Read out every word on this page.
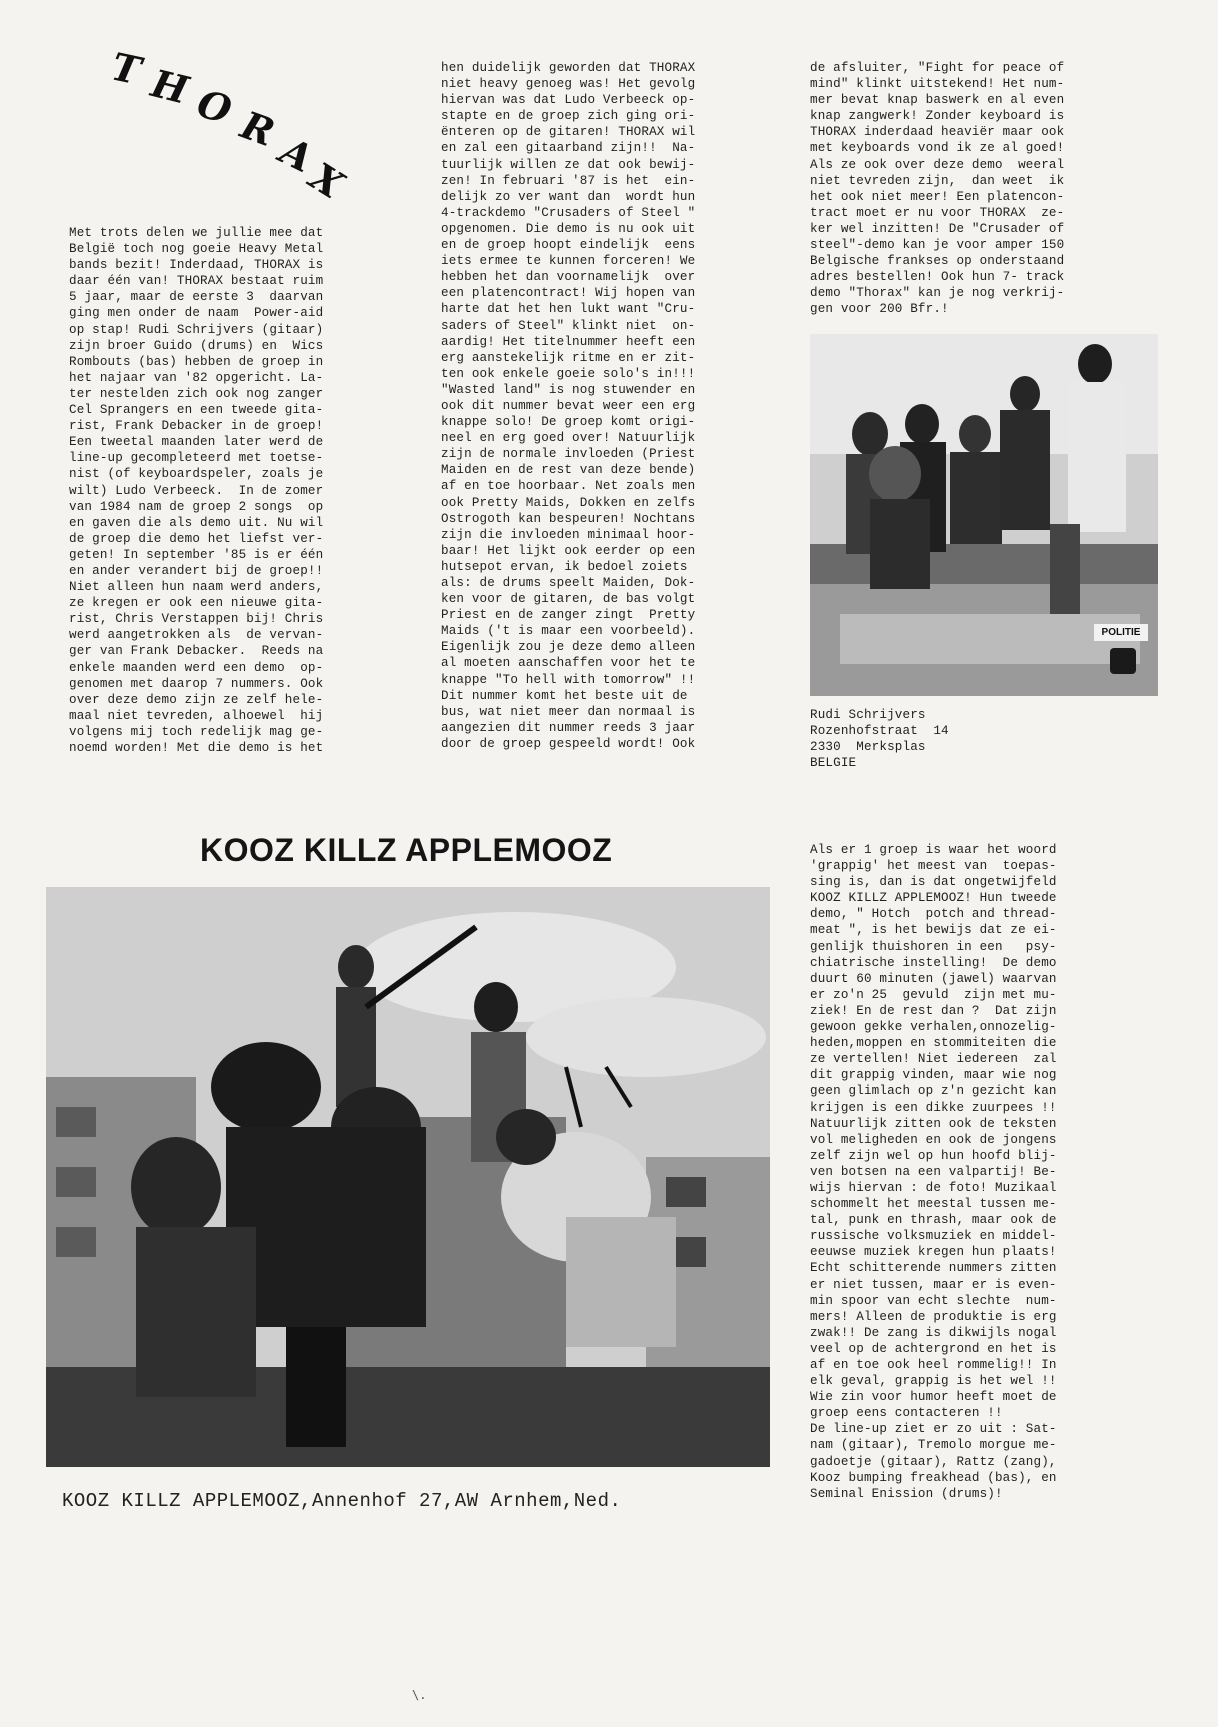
T H O
R
A
X
Met trots delen we jullie mee dat
België toch nog goeie Heavy Metal
bands bezit! Inderdaad, THORAX is
daar één van! THORAX bestaat ruim
5 jaar, maar de eerste 3  daarvan
ging men onder de naam  Power-aid
op stap! Rudi Schrijvers (gitaar)
zijn broer Guido (drums) en  Wics
Rombouts (bas) hebben de groep in
het najaar van '82 opgericht. La-
ter nestelden zich ook nog zanger
Cel Sprangers en een tweede gita-
rist, Frank Debacker in de groep!
Een tweetal maanden later werd de
line-up gecompleteerd met toetse-
nist (of keyboardspeler, zoals je
wilt) Ludo Verbeeck.  In de zomer
van 1984 nam de groep 2 songs  op
en gaven die als demo uit. Nu wil
de groep die demo het liefst ver-
geten! In september '85 is er één
en ander verandert bij de groep!!
Niet alleen hun naam werd anders,
ze kregen er ook een nieuwe gita-
rist, Chris Verstappen bij! Chris
werd aangetrokken als  de vervan-
ger van Frank Debacker.  Reeds na
enkele maanden werd een demo  op-
genomen met daarop 7 nummers. Ook
over deze demo zijn ze zelf hele-
maal niet tevreden, alhoewel  hij
volgens mij toch redelijk mag ge-
noemd worden! Met die demo is het
hen duidelijk geworden dat THORAX
niet heavy genoeg was! Het gevolg
hiervan was dat Ludo Verbeeck op-
stapte en de groep zich ging ori-
ënteren op de gitaren! THORAX wil
en zal een gitaarband zijn!!  Na-
tuurlijk willen ze dat ook bewij-
zen! In februari '87 is het  ein-
delijk zo ver want dan  wordt hun
4-trackdemo "Crusaders of Steel "
opgenomen. Die demo is nu ook uit
en de groep hoopt eindelijk  eens
iets ermee te kunnen forceren! We
hebben het dan voornamelijk  over
een platencontract! Wij hopen van
harte dat het hen lukt want "Cru-
saders of Steel" klinkt niet  on-
aardig! Het titelnummer heeft een
erg aanstekelijk ritme en er zit-
ten ook enkele goeie solo's in!!!
"Wasted land" is nog stuwender en
ook dit nummer bevat weer een erg
knappe solo! De groep komt origi-
neel en erg goed over! Natuurlijk
zijn de normale invloeden (Priest
Maiden en de rest van deze bende)
af en toe hoorbaar. Net zoals men
ook Pretty Maids, Dokken en zelfs
Ostrogoth kan bespeuren! Nochtans
zijn die invloeden minimaal hoor-
baar! Het lijkt ook eerder op een
hutsepot ervan, ik bedoel zoiets
als: de drums speelt Maiden, Dok-
ken voor de gitaren, de bas volgt
Priest en de zanger zingt  Pretty
Maids ('t is maar een voorbeeld).
Eigenlijk zou je deze demo alleen
al moeten aanschaffen voor het te
knappe "To hell with tomorrow" !!
Dit nummer komt het beste uit de
bus, wat niet meer dan normaal is
aangezien dit nummer reeds 3 jaar
door de groep gespeeld wordt! Ook
de afsluiter, "Fight for peace of
mind" klinkt uitstekend! Het num-
mer bevat knap baswerk en al even
knap zangwerk! Zonder keyboard is
THORAX inderdaad heaviër maar ook
met keyboards vond ik ze al goed!
Als ze ook over deze demo  weeral
niet tevreden zijn,  dan weet  ik
het ook niet meer! Een platencon-
tract moet er nu voor THORAX  ze-
ker wel inzitten! De "Crusader of
steel"-demo kan je voor amper 150
Belgische frankses op onderstaand
adres bestellen! Ook hun 7- track
demo "Thorax" kan je nog verkrij-
gen voor 200 Bfr.!
POLITIE
Rudi Schrijvers
Rozenhofstraat  14
2330  Merksplas
BELGIE
KOOZ KILLZ APPLEMOOZ
KOOZ KILLZ APPLEMOOZ,Annenhof 27,AW Arnhem,Ned.
Als er 1 groep is waar het woord
'grappig' het meest van  toepas-
sing is, dan is dat ongetwijfeld
KOOZ KILLZ APPLEMOOZ! Hun tweede
demo, " Hotch  potch and thread-
meat ", is het bewijs dat ze ei-
genlijk thuishoren in een   psy-
chiatrische instelling!  De demo
duurt 60 minuten (jawel) waarvan
er zo'n 25  gevuld  zijn met mu-
ziek! En de rest dan ?  Dat zijn
gewoon gekke verhalen,onnozelig-
heden,moppen en stommiteiten die
ze vertellen! Niet iedereen  zal
dit grappig vinden, maar wie nog
geen glimlach op z'n gezicht kan
krijgen is een dikke zuurpees !!
Natuurlijk zitten ook de teksten
vol meligheden en ook de jongens
zelf zijn wel op hun hoofd blij-
ven botsen na een valpartij! Be-
wijs hiervan : de foto! Muzikaal
schommelt het meestal tussen me-
tal, punk en thrash, maar ook de
russische volksmuziek en middel-
eeuwse muziek kregen hun plaats!
Echt schitterende nummers zitten
er niet tussen, maar er is even-
min spoor van echt slechte  num-
mers! Alleen de produktie is erg
zwak!! De zang is dikwijls nogal
veel op de achtergrond en het is
af en toe ook heel rommelig!! In
elk geval, grappig is het wel !!
Wie zin voor humor heeft moet de
groep eens contacteren !!
De line-up ziet er zo uit : Sat-
nam (gitaar), Tremolo morgue me-
gadoetje (gitaar), Rattz (zang),
Kooz bumping freakhead (bas), en
Seminal Enission (drums)!
\.
